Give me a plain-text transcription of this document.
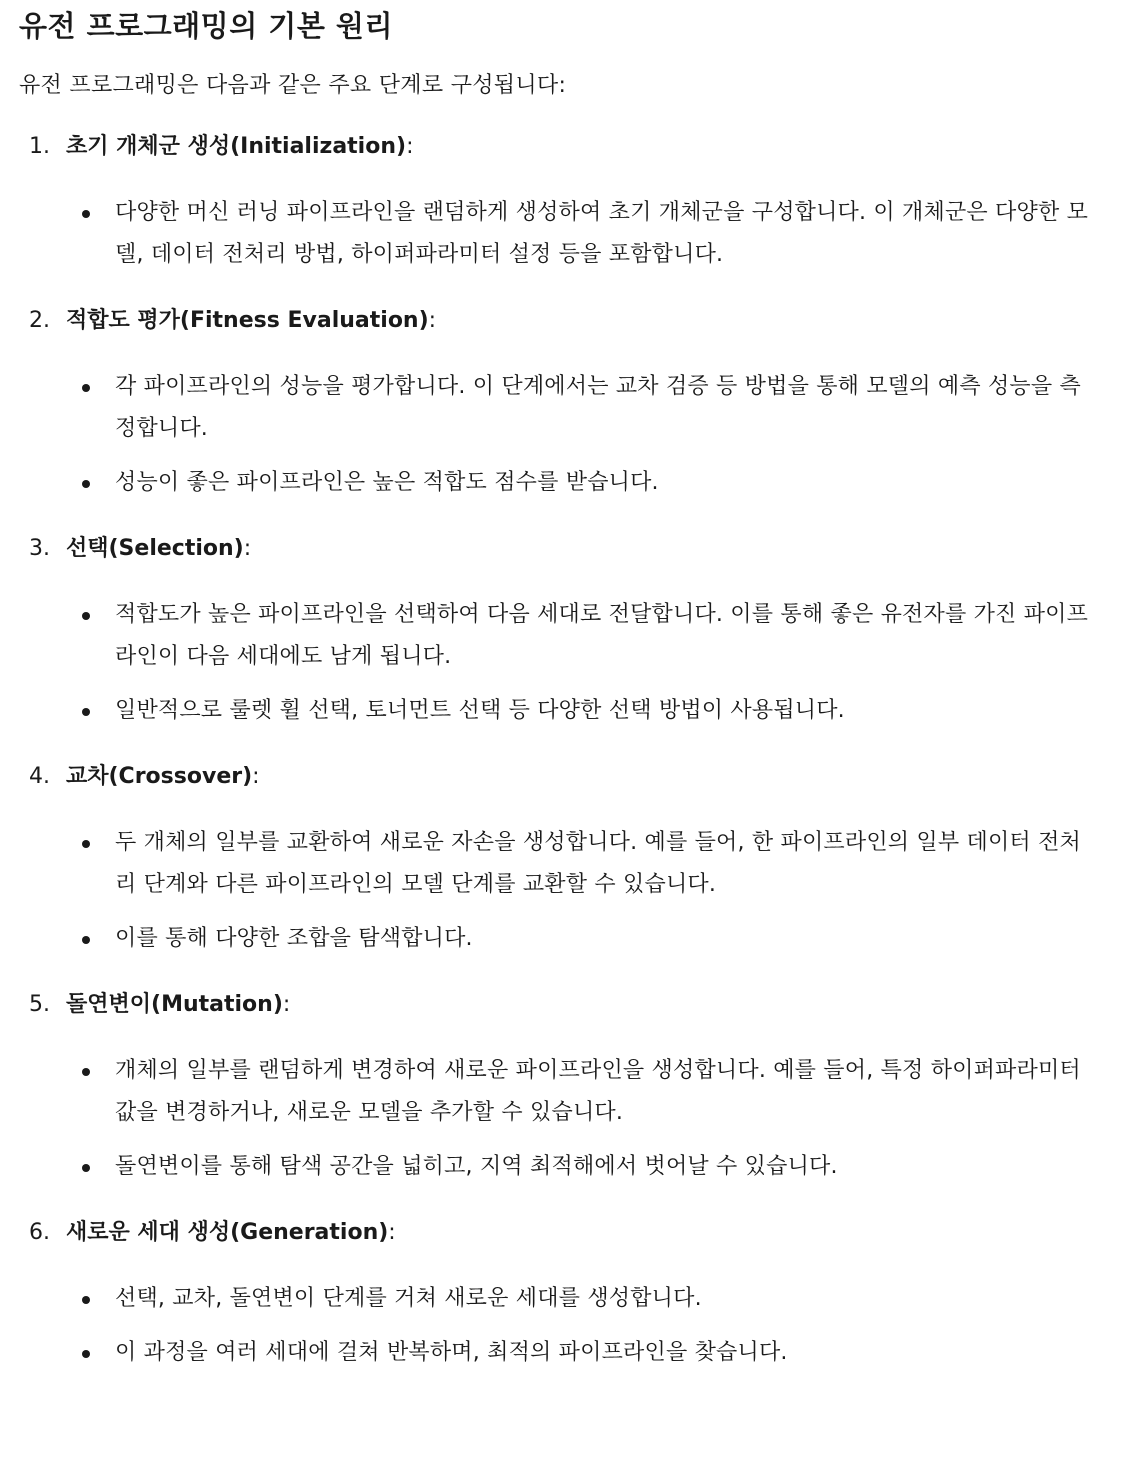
유전 프로그래밍의 기본 원리

유전 프로그래밍은 다음과 같은 주요 단계로 구성됩니다:

1. 초기 개체군 생성(Initialization) :
다양한 머신 러닝 파이프라인을 랜덤하게 생성하여 초기 개체군을 구성합니다. 이 개체군은 다양한 모델, 데이터 전처리 방법, 하이퍼파라미터 설정 등을 포함합니다.
2. 적합도 평가(Fitness Evaluation) :
각 파이프라인의 성능을 평가합니다. 이 단계에서는 교차 검증 등 방법을 통해 모델의 예측 성능을 측정합니다.
성능이 좋은 파이프라인은 높은 적합도 점수를 받습니다.
3. 선택(Selection) :
적합도가 높은 파이프라인을 선택하여 다음 세대로 전달합니다. 이를 통해 좋은 유전자를 가진 파이프라인이 다음 세대에도 남게 됩니다.
일반적으로 룰렛 휠 선택, 토너먼트 선택 등 다양한 선택 방법이 사용됩니다.
4. 교차(Crossover) :
두 개체의 일부를 교환하여 새로운 자손을 생성합니다. 예를 들어, 한 파이프라인의 일부 데이터 전처리 단계와 다른 파이프라인의 모델 단계를 교환할 수 있습니다.
이를 통해 다양한 조합을 탐색합니다.
5. 돌연변이(Mutation) :
개체의 일부를 랜덤하게 변경하여 새로운 파이프라인을 생성합니다. 예를 들어, 특정 하이퍼파라미터 값을 변경하거나, 새로운 모델을 추가할 수 있습니다.
돌연변이를 통해 탐색 공간을 넓히고, 지역 최적해에서 벗어날 수 있습니다.
6. 새로운 세대 생성(Generation) :
선택, 교차, 돌연변이 단계를 거쳐 새로운 세대를 생성합니다.
이 과정을 여러 세대에 걸쳐 반복하며, 최적의 파이프라인을 찾습니다.
